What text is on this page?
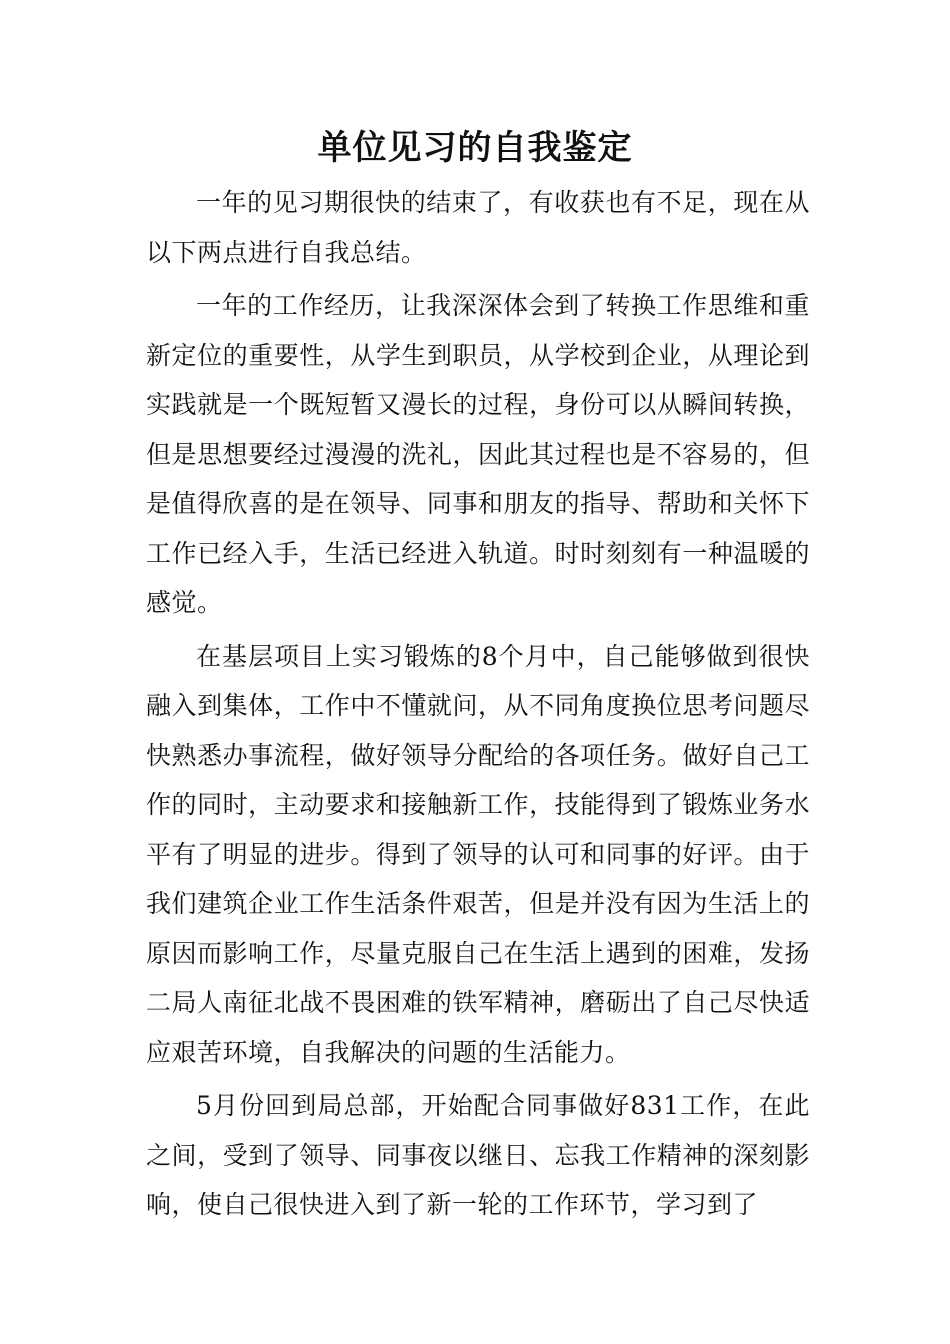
单位见习的自我鉴定

一年的见习期很快的结束了，有收获也有不足，现在从以下两点进行自我总结。

一年的工作经历，让我深深体会到了转换工作思维和重新定位的重要性，从学生到职员，从学校到企业，从理论到实践就是一个既短暂又漫长的过程，身份可以从瞬间转换，但是思想要经过漫漫的洗礼，因此其过程也是不容易的，但是值得欣喜的是在领导、同事和朋友的指导、帮助和关怀下工作已经入手，生活已经进入轨道。时时刻刻有一种温暖的感觉。

在基层项目上实习锻炼的8个月中，自己能够做到很快融入到集体，工作中不懂就问，从不同角度换位思考问题尽快熟悉办事流程，做好领导分配给的各项任务。做好自己工作的同时，主动要求和接触新工作，技能得到了锻炼业务水平有了明显的进步。得到了领导的认可和同事的好评。由于我们建筑企业工作生活条件艰苦，但是并没有因为生活上的原因而影响工作，尽量克服自己在生活上遇到的困难，发扬二局人南征北战不畏困难的铁军精神，磨砺出了自己尽快适应艰苦环境，自我解决的问题的生活能力。

5月份回到局总部，开始配合同事做好831工作，在此之间，受到了领导、同事夜以继日、忘我工作精神的深刻影响，使自己很快进入到了新一轮的工作环节，学习到了
